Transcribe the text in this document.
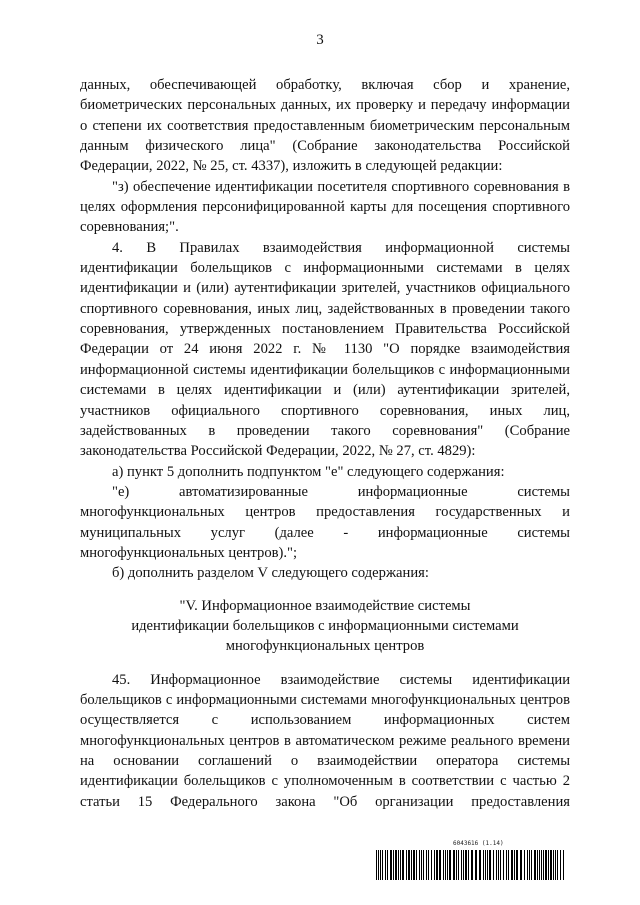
3

данных, обеспечивающей обработку, включая сбор и хранение, биометрических персональных данных, их проверку и передачу информации о степени их соответствия предоставленным биометрическим персональным данным физического лица" (Собрание законодательства Российской Федерации, 2022, № 25, ст. 4337), изложить в следующей редакции:

"з) обеспечение идентификации посетителя спортивного соревнования в целях оформления персонифицированной карты для посещения спортивного соревнования;".

4. В Правилах взаимодействия информационной системы идентификации болельщиков с информационными системами в целях идентификации и (или) аутентификации зрителей, участников официального спортивного соревнования, иных лиц, задействованных в проведении такого соревнования, утвержденных постановлением Правительства Российской Федерации от 24 июня 2022 г. № 1130 "О порядке взаимодействия информационной системы идентификации болельщиков с информационными системами в целях идентификации и (или) аутентификации зрителей, участников официального спортивного соревнования, иных лиц, задействованных в проведении такого соревнования" (Собрание законодательства Российской Федерации, 2022, № 27, ст. 4829):

а) пункт 5 дополнить подпунктом "е" следующего содержания:

"е) автоматизированные информационные системы многофункциональных центров предоставления государственных и муниципальных услуг (далее - информационные системы многофункциональных центров).";

б) дополнить разделом V следующего содержания:

"V. Информационное взаимодействие системы
идентификации болельщиков с информационными системами
многофункциональных центров

45. Информационное взаимодействие системы идентификации болельщиков с информационными системами многофункциональных центров осуществляется с использованием информационных систем многофункциональных центров в автоматическом режиме реального времени на основании соглашений о взаимодействии оператора системы идентификации болельщиков с уполномоченным в соответствии с частью 2 статьи 15 Федерального закона "Об организации предоставления

6043616 (1.14)
